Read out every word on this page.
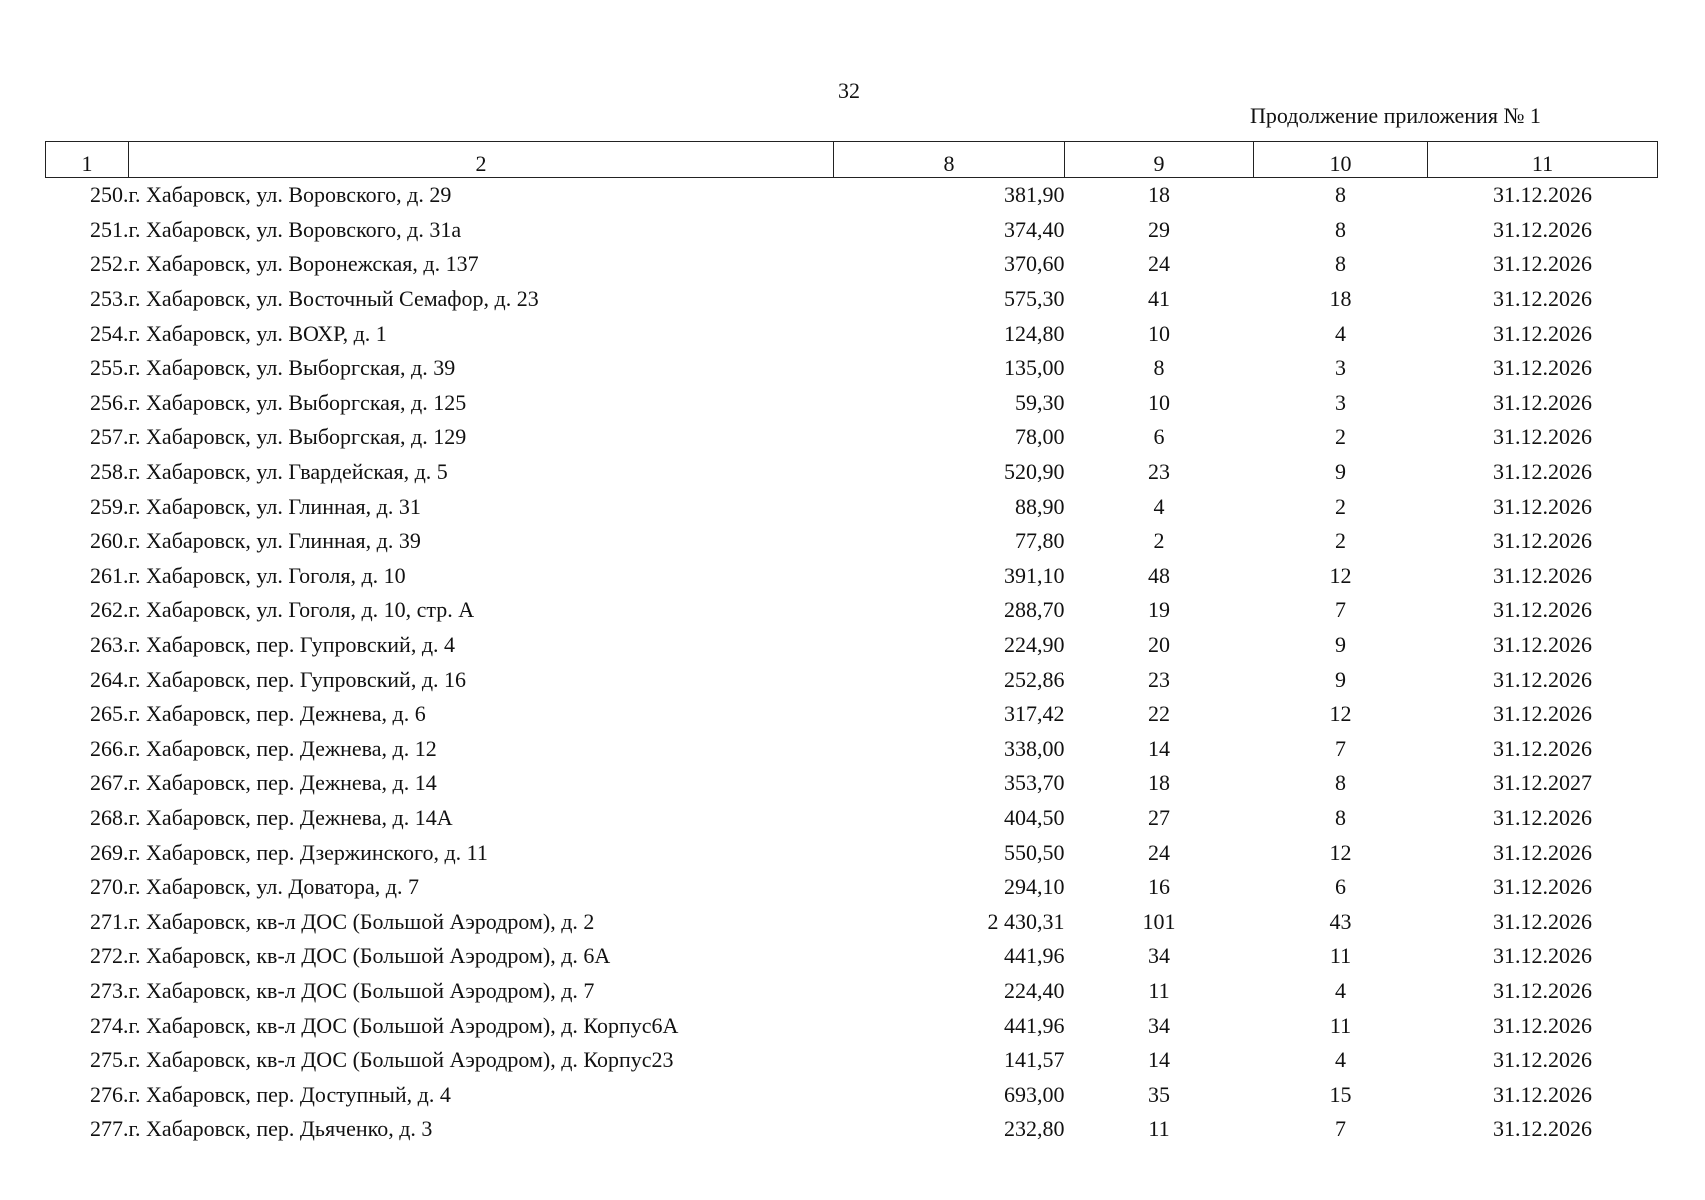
32
Продолжение приложения № 1
1	2	8	9	10	11
250.	г. Хабаровск, ул. Воровского, д. 29	381,90	18	8	31.12.2026
251.	г. Хабаровск, ул. Воровского, д. 31а	374,40	29	8	31.12.2026
252.	г. Хабаровск, ул. Воронежская, д. 137	370,60	24	8	31.12.2026
253.	г. Хабаровск, ул. Восточный Семафор, д. 23	575,30	41	18	31.12.2026
254.	г. Хабаровск, ул. ВОХР, д. 1	124,80	10	4	31.12.2026
255.	г. Хабаровск, ул. Выборгская, д. 39	135,00	8	3	31.12.2026
256.	г. Хабаровск, ул. Выборгская, д. 125	59,30	10	3	31.12.2026
257.	г. Хабаровск, ул. Выборгская, д. 129	78,00	6	2	31.12.2026
258.	г. Хабаровск, ул. Гвардейская, д. 5	520,90	23	9	31.12.2026
259.	г. Хабаровск, ул. Глинная, д. 31	88,90	4	2	31.12.2026
260.	г. Хабаровск, ул. Глинная, д. 39	77,80	2	2	31.12.2026
261.	г. Хабаровск, ул. Гоголя, д. 10	391,10	48	12	31.12.2026
262.	г. Хабаровск, ул. Гоголя, д. 10, стр. А	288,70	19	7	31.12.2026
263.	г. Хабаровск, пер. Гупровский, д. 4	224,90	20	9	31.12.2026
264.	г. Хабаровск, пер. Гупровский, д. 16	252,86	23	9	31.12.2026
265.	г. Хабаровск, пер. Дежнева, д. 6	317,42	22	12	31.12.2026
266.	г. Хабаровск, пер. Дежнева, д. 12	338,00	14	7	31.12.2026
267.	г. Хабаровск, пер. Дежнева, д. 14	353,70	18	8	31.12.2027
268.	г. Хабаровск, пер. Дежнева, д. 14А	404,50	27	8	31.12.2026
269.	г. Хабаровск, пер. Дзержинского, д. 11	550,50	24	12	31.12.2026
270.	г. Хабаровск, ул. Доватора, д. 7	294,10	16	6	31.12.2026
271.	г. Хабаровск, кв-л ДОС (Большой Аэродром), д. 2	2 430,31	101	43	31.12.2026
272.	г. Хабаровск, кв-л ДОС (Большой Аэродром), д. 6А	441,96	34	11	31.12.2026
273.	г. Хабаровск, кв-л ДОС (Большой Аэродром), д. 7	224,40	11	4	31.12.2026
274.	г. Хабаровск, кв-л ДОС (Большой Аэродром), д. Корпус6А	441,96	34	11	31.12.2026
275.	г. Хабаровск, кв-л ДОС (Большой Аэродром), д. Корпус23	141,57	14	4	31.12.2026
276.	г. Хабаровск, пер. Доступный, д. 4	693,00	35	15	31.12.2026
277.	г. Хабаровск, пер. Дьяченко, д. 3	232,80	11	7	31.12.2026
